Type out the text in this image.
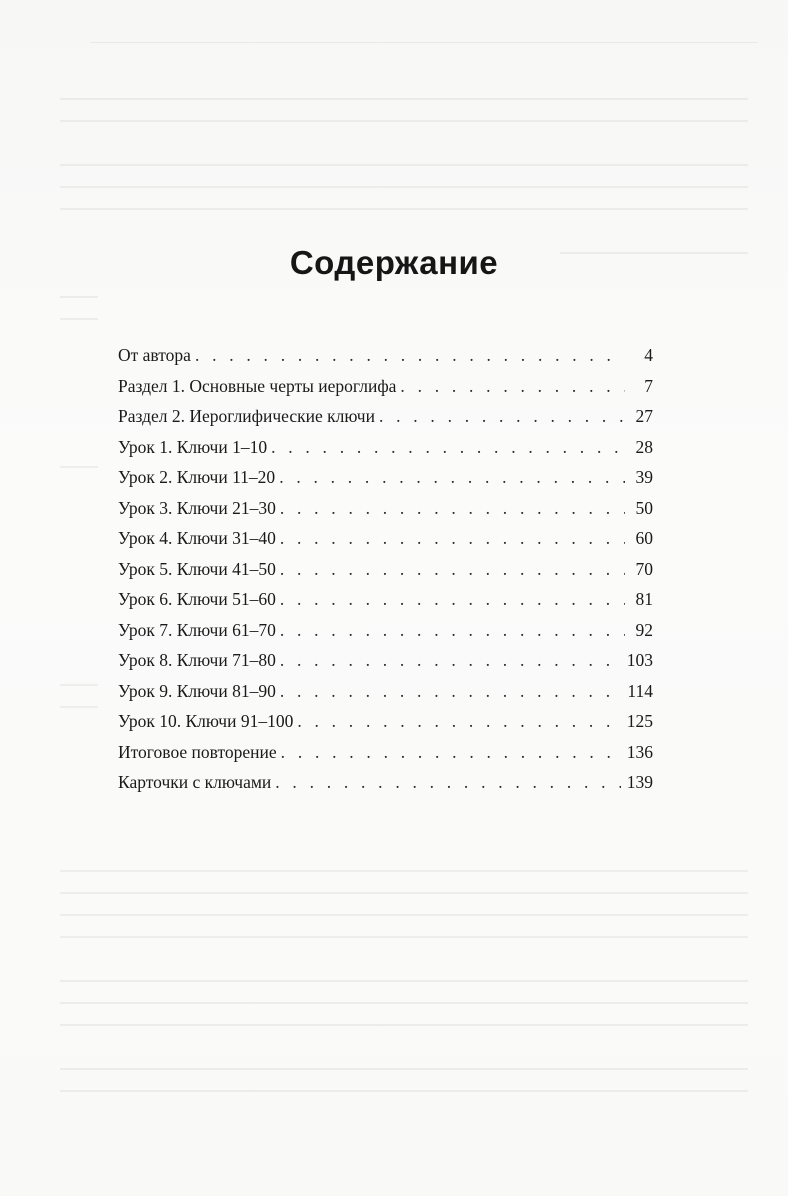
Содержание
От автора . . .	4
Раздел 1. Основные черты иероглифа . . .	7
Раздел 2. Иероглифические ключи . . .	27
Урок 1. Ключи 1–10 . . .	28
Урок 2. Ключи 11–20 . . .	39
Урок 3. Ключи 21–30 . . .	50
Урок 4. Ключи 31–40 . . .	60
Урок 5. Ключи 41–50 . . .	70
Урок 6. Ключи 51–60 . . .	81
Урок 7. Ключи 61–70 . . .	92
Урок 8. Ключи 71–80 . . .	103
Урок 9. Ключи 81–90 . . .	114
Урок 10. Ключи 91–100 . . .	125
Итоговое повторение . . .	136
Карточки с ключами . . .	139
